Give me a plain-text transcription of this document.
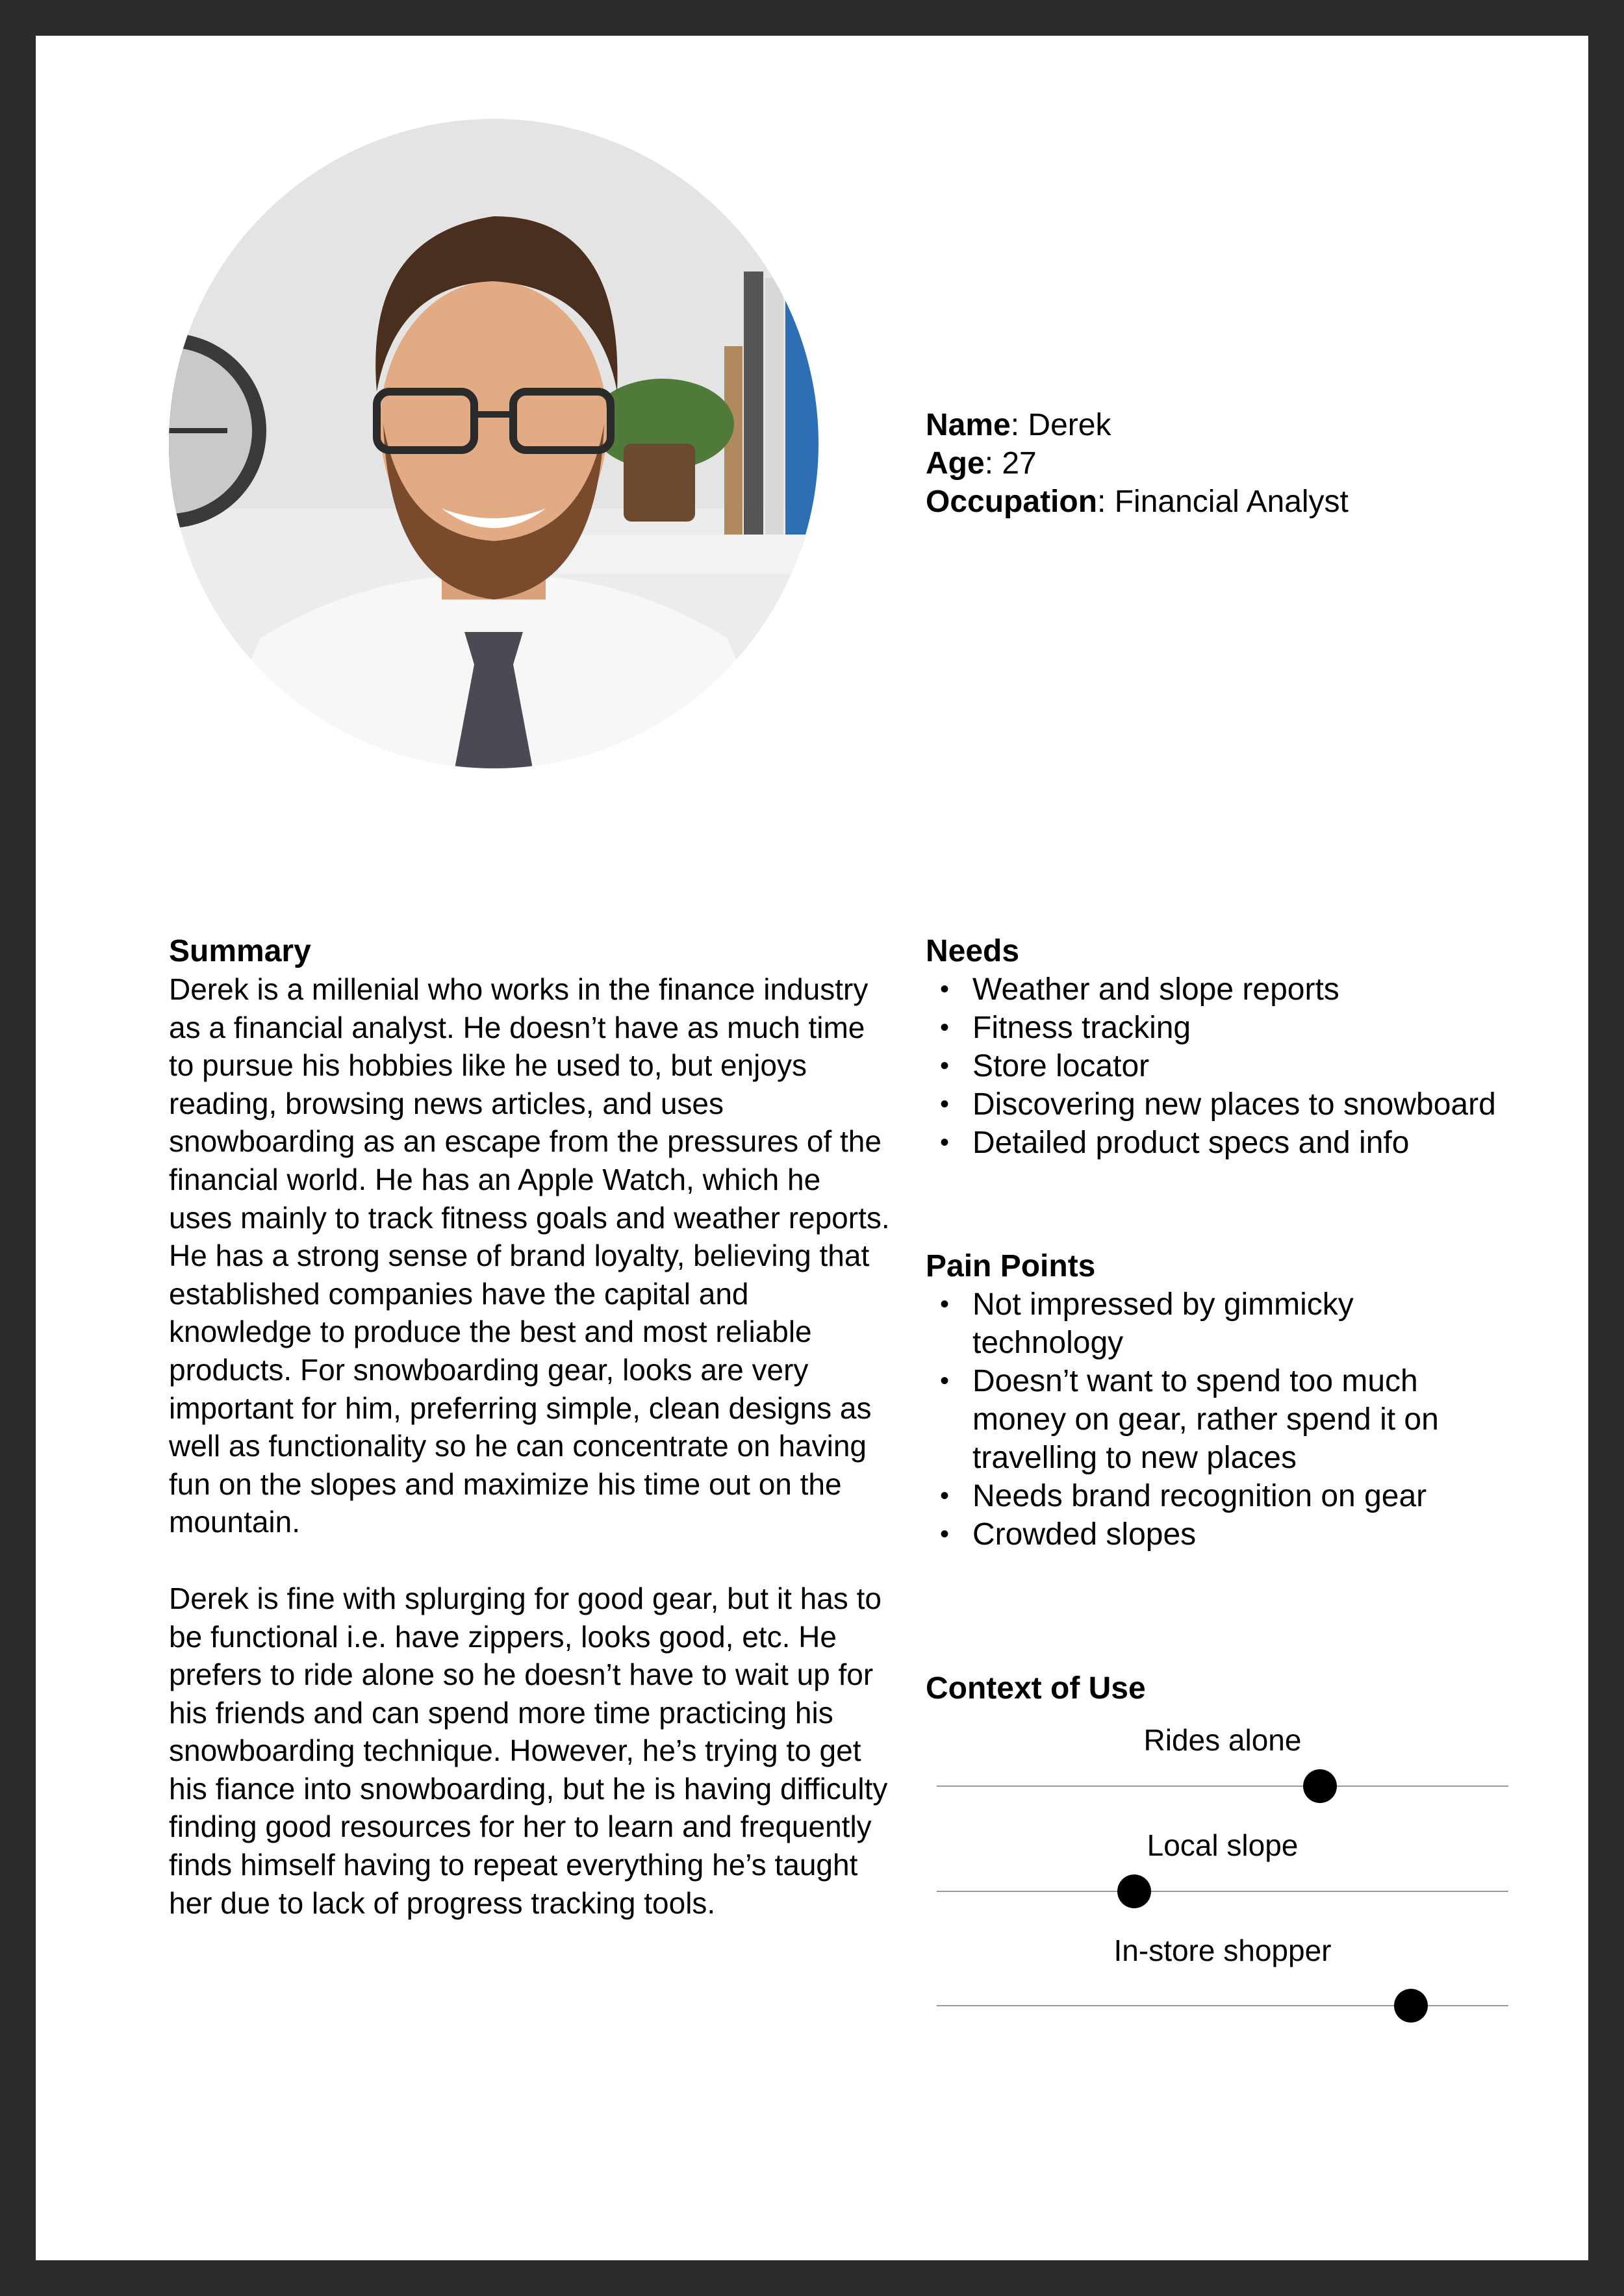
Name: Derek
Age: 27
Occupation: Financial Analyst
Summary

Derek is a millenial who works in the finance industry as a financial analyst. He doesn’t have as much time to pursue his hobbies like he used to, but enjoys reading, browsing news articles, and uses snowboarding as an escape from the pressures of the financial world. He has an Apple Watch, which he uses mainly to track fitness goals and weather reports. He has a strong sense of brand loyalty, believing that established companies have the capital and knowledge to produce the best and most reliable products. For snowboarding gear, looks are very important for him, preferring simple, clean designs as well as functionality so he can concentrate on having fun on the slopes and maximize his time out on the mountain.

Derek is fine with splurging for good gear, but it has to be functional i.e. have zippers, looks good, etc. He prefers to ride alone so he doesn’t have to wait up for his friends and can spend more time practicing his snowboarding technique. However, he’s trying to get his fiance into snowboarding, but he is having difficulty finding good resources for her to learn and frequently finds himself having to repeat everything he’s taught her due to lack of progress tracking tools.

Needs
• Weather and slope reports
• Fitness tracking
• Store locator
• Discovering new places to snowboard
• Detailed product specs and info
Pain Points
• Not impressed by gimmicky technology
• Doesn’t want to spend too much money on gear, rather spend it on travelling to new places
• Needs brand recognition on gear
• Crowded slopes
Context of Use
Rides alone
Local slope
In-store shopper
